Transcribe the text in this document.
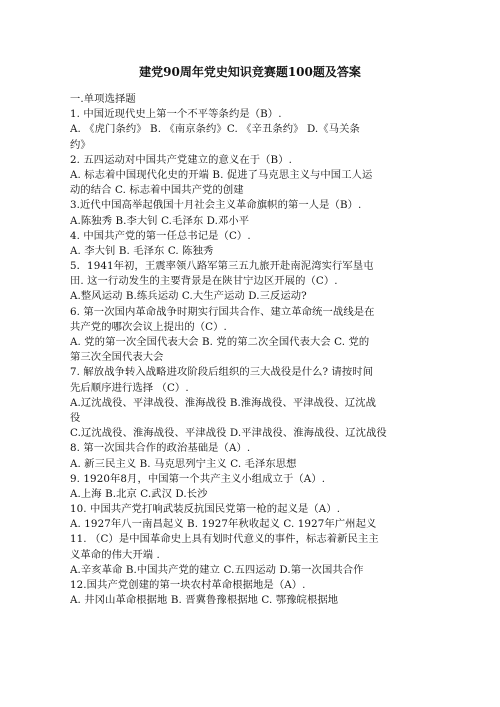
建党90周年党史知识竞赛题100题及答案
一.单项选择题
1. 中国近现代史上第一个不平等条约是（B）.
A. 《虎门条约》 B. 《南京条约》C. 《辛丑条约》 D.《马关条
约》
2. 五四运动对中国共产党建立的意义在于（B）.
A. 标志着中国现代化史的开端 B. 促进了马克思主义与中国工人运
动的结合 C. 标志着中国共产党的创建
3.近代中国高举起俄国十月社会主义革命旗帜的第一人是（B）.
A.陈独秀 B.李大钊 C.毛泽东 D.邓小平
4. 中国共产党的第一任总书记是（C）.
A. 李大钊 B. 毛泽东 C. 陈独秀
5．1941年初，王震率领八路军第三五九旅开赴南泥湾实行军垦屯
田. 这一行动发生的主要背景是在陕甘宁边区开展的（C）.
A.整风运动 B.练兵运动 C.大生产运动 D.三反运动?
6. 第一次国内革命战争时期实行国共合作、建立革命统一战线是在
共产党的哪次会议上提出的（C）.
A. 党的第一次全国代表大会 B. 党的第二次全国代表大会 C. 党的
第三次全国代表大会
7. 解放战争转入战略进攻阶段后组织的三大战役是什么? 请按时间
先后顺序进行选择 （C）.
A.辽沈战役、平津战役、淮海战役 B.淮海战役、平津战役、辽沈战
役
C.辽沈战役、淮海战役、平津战役 D.平津战役、淮海战役、辽沈战役
8. 第一次国共合作的政治基础是（A）.
A. 新三民主义 B. 马克思列宁主义 C. 毛泽东思想
9. 1920年8月，中国第一个共产主义小组成立于（A）.
A.上海 B.北京 C.武汉 D.长沙
10. 中国共产党打响武装反抗国民党第一枪的起义是（A）.
A. 1927年八一南昌起义 B. 1927年秋收起义 C. 1927年广州起义
11. （C）是中国革命史上具有划时代意义的事件，标志着新民主主
义革命的伟大开端 .
A.辛亥革命 B.中国共产党的建立 C.五四运动 D.第一次国共合作
12.国共产党创建的第一块农村革命根据地是（A）.
A. 井冈山革命根据地 B. 晋冀鲁豫根据地 C. 鄂豫皖根据地
